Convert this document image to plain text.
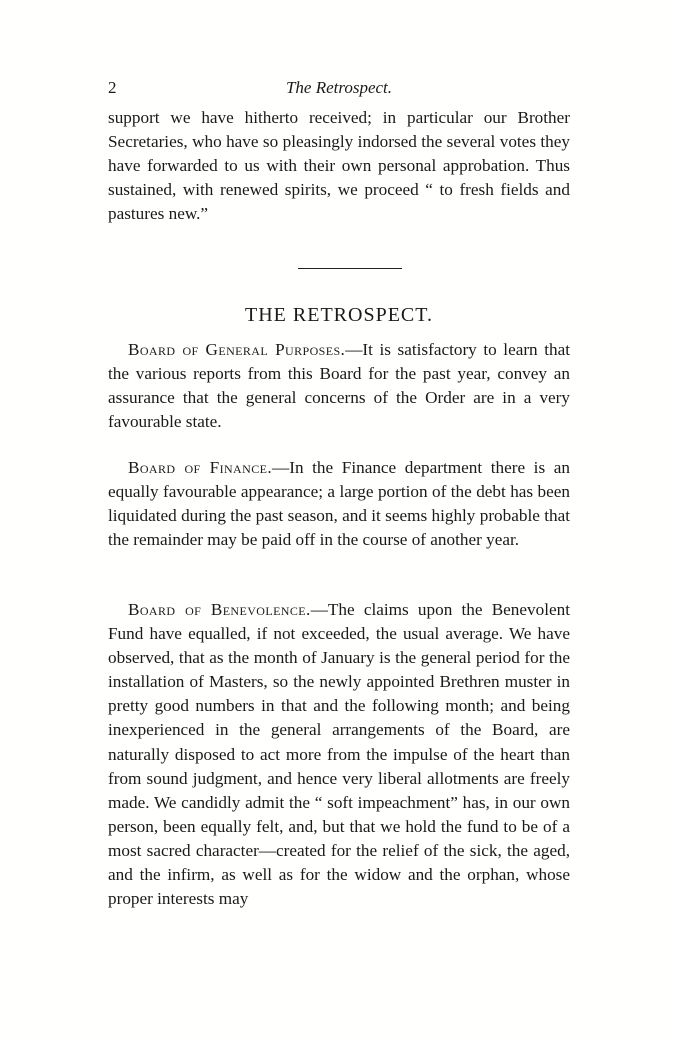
2	The Retrospect.

support we have hitherto received; in particular our Brother Secretaries, who have so pleasingly indorsed the several votes they have forwarded to us with their own personal approbation. Thus sustained, with renewed spirits, we proceed “ to fresh fields and pastures new.”

THE RETROSPECT.

Board of General Purposes.—It is satisfactory to learn that the various reports from this Board for the past year, convey an assurance that the general concerns of the Order are in a very favourable state.

Board of Finance.—In the Finance department there is an equally favourable appearance; a large portion of the debt has been liquidated during the past season, and it seems highly probable that the remainder may be paid off in the course of another year.

Board of Benevolence.—The claims upon the Benevolent Fund have equalled, if not exceeded, the usual average. We have observed, that as the month of January is the general period for the installation of Masters, so the newly appointed Brethren muster in pretty good numbers in that and the following month; and being inexperienced in the general arrangements of the Board, are naturally disposed to act more from the impulse of the heart than from sound judgment, and hence very liberal allotments are freely made. We candidly admit the “ soft impeachment” has, in our own person, been equally felt, and, but that we hold the fund to be of a most sacred character—created for the relief of the sick, the aged, and the infirm, as well as for the widow and the orphan, whose proper interests may
